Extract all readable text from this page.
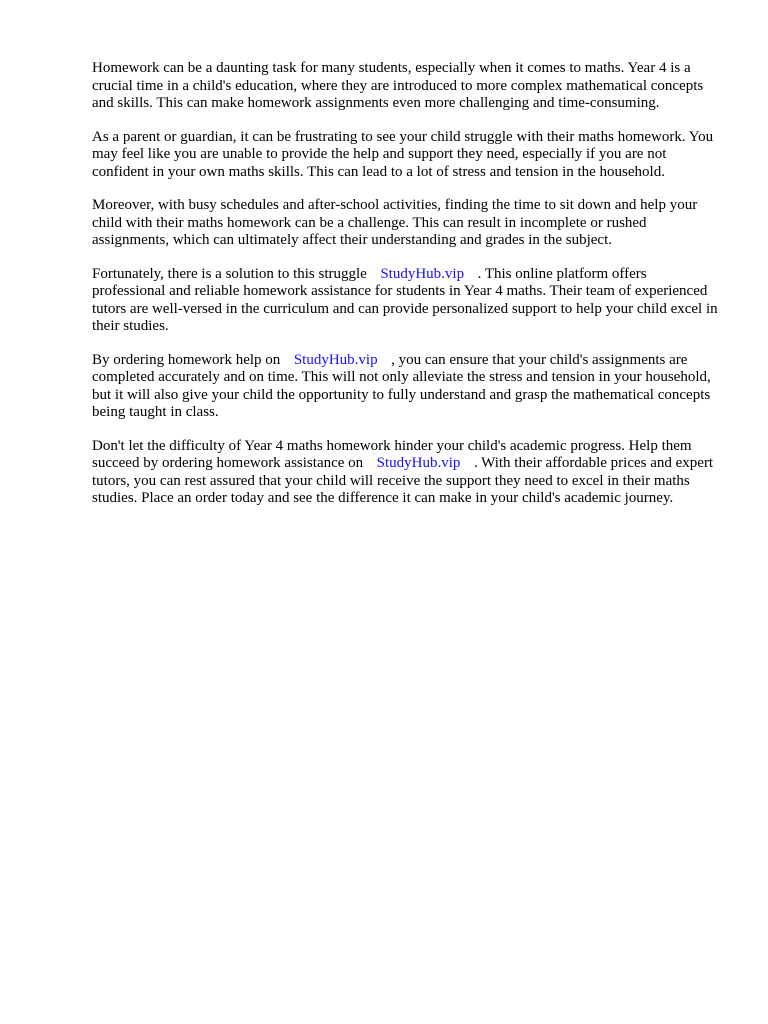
Homework can be a daunting task for many students, especially when it comes to maths. Year 4 is a crucial time in a child's education, where they are introduced to more complex mathematical concepts and skills. This can make homework assignments even more challenging and time-consuming.

As a parent or guardian, it can be frustrating to see your child struggle with their maths homework. You may feel like you are unable to provide the help and support they need, especially if you are not confident in your own maths skills. This can lead to a lot of stress and tension in the household.

Moreover, with busy schedules and after-school activities, finding the time to sit down and help your child with their maths homework can be a challenge. This can result in incomplete or rushed assignments, which can ultimately affect their understanding and grades in the subject.

Fortunately, there is a solution to this struggle StudyHub.vip . This online platform offers professional and reliable homework assistance for students in Year 4 maths. Their team of experienced tutors are well-versed in the curriculum and can provide personalized support to help your child excel in their studies.

By ordering homework help on StudyHub.vip , you can ensure that your child's assignments are completed accurately and on time. This will not only alleviate the stress and tension in your household, but it will also give your child the opportunity to fully understand and grasp the mathematical concepts being taught in class.

Don't let the difficulty of Year 4 maths homework hinder your child's academic progress. Help them succeed by ordering homework assistance on StudyHub.vip . With their affordable prices and expert tutors, you can rest assured that your child will receive the support they need to excel in their maths studies. Place an order today and see the difference it can make in your child's academic journey.
